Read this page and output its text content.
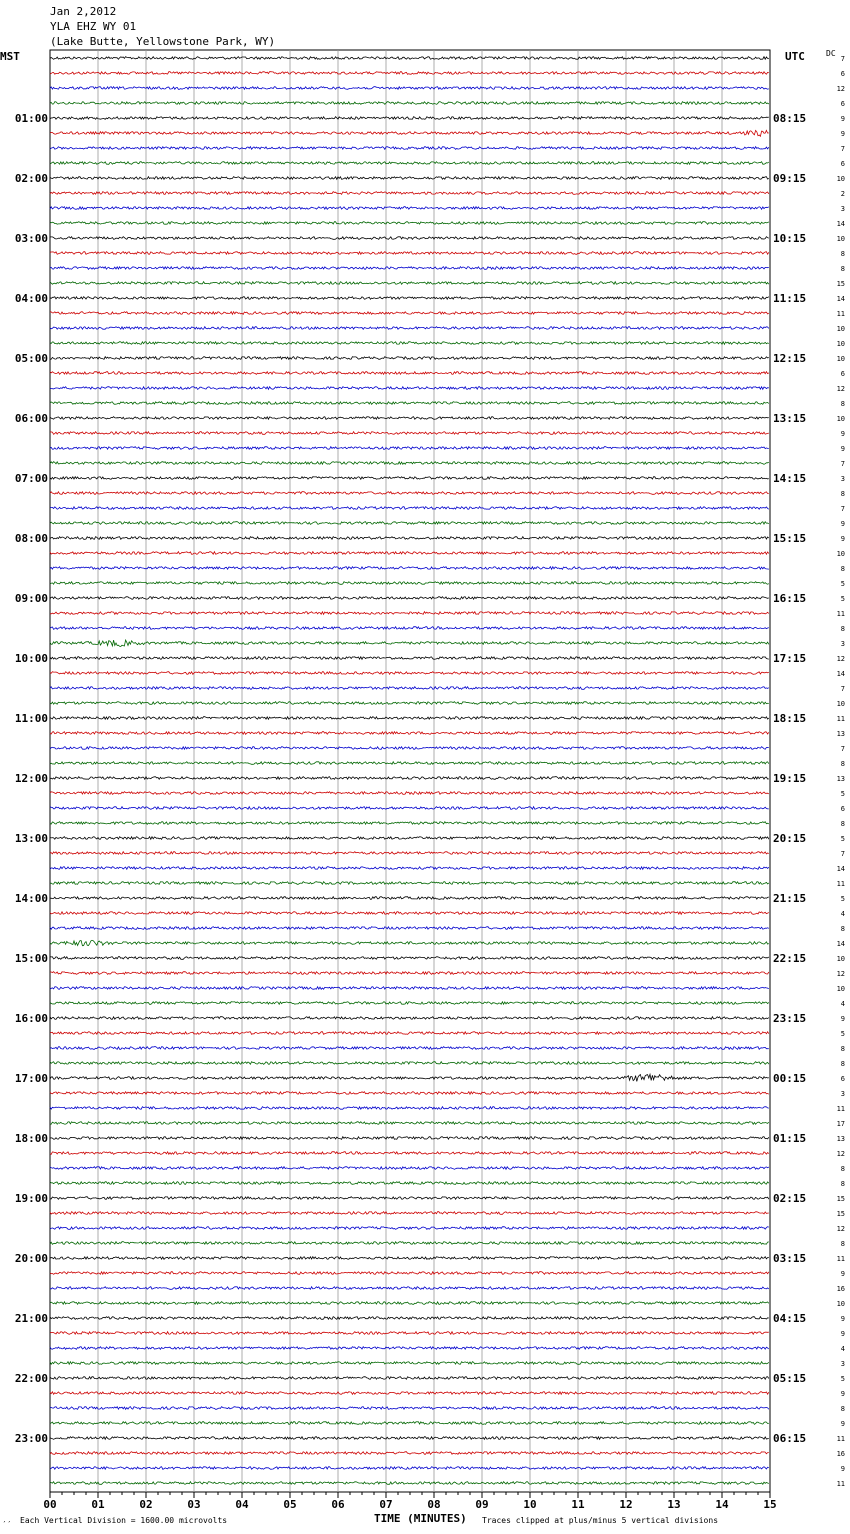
7
6
12
6
9
9
7
6
10
2
3
14
10
8
8
15
14
11
10
10
10
6
12
8
10
9
9
7
3
8
7
9
9
10
8
5
5
11
8
3
12
14
7
10
11
13
7
8
13
5
6
8
5
7
14
11
5
4
8
14
10
12
10
4
9
5
8
8
6
3
11
17
13
12
8
8
15
15
12
8
11
9
16
10
9
9
4
3
5
9
8
9
11
16
9
11
01:00	08:15
02:00	09:15
03:00	10:15
04:00	11:15
05:00	12:15
06:00	13:15
07:00	14:15
08:00	15:15
09:00	16:15
10:00	17:15
11:00	18:15
12:00	19:15
13:00	20:15
14:00	21:15
15:00	22:15
16:00	23:15
17:00	00:15
18:00	01:15
19:00	02:15
20:00	03:15
21:00	04:15
22:00	05:15
23:00	06:15
00	01	02	03	04	05	06	07	08	09	10	11	12	13	14	15
Jan 2,2012
YLA EHZ WY 01
(Lake Butte, Yellowstone Park, WY)
MST	UTC	DC
Each Vertical Division = 1600.00 microvolts
′′	TIME (MINUTES) Traces clipped at plus/minus 5 vertical divisions
